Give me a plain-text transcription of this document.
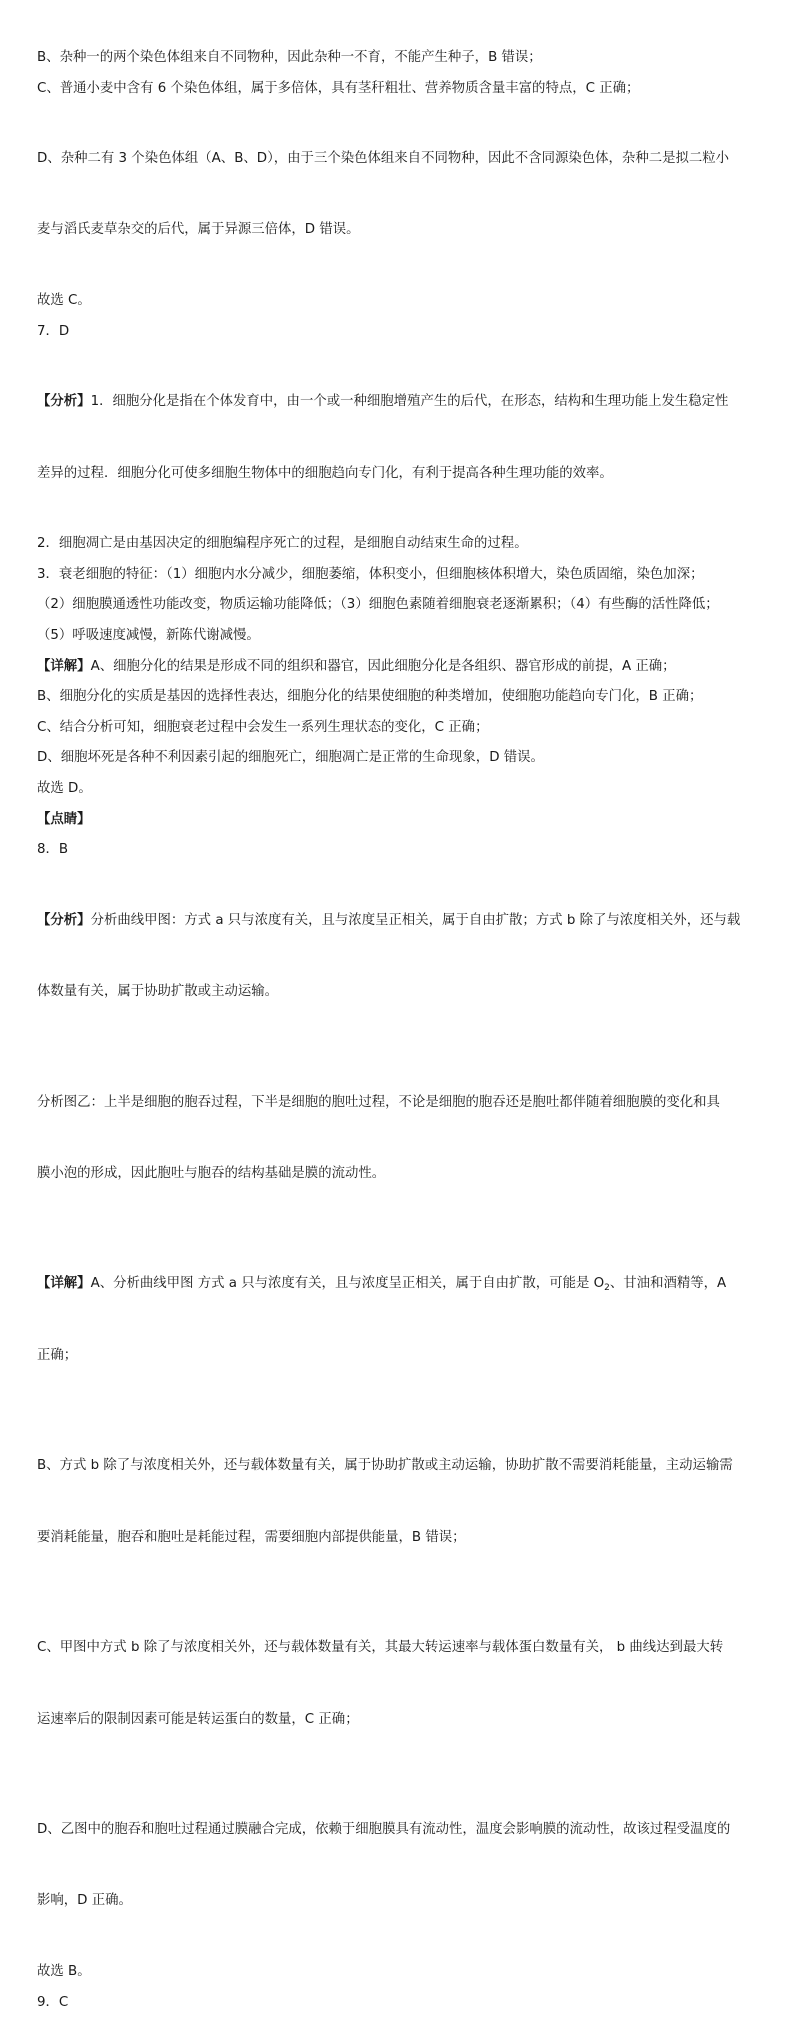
B、杂种一的两个染色体组来自不同物种，因此杂种一不育，不能产生种子，B 错误；
C、普通小麦中含有 6 个染色体组，属于多倍体，具有茎秆粗壮、营养物质含量丰富的特点，C 正确；

D、杂种二有 3 个染色体组（A、B、D），由于三个染色体组来自不同物种，因此不含同源染色体，杂种二是拟二粒小

麦与滔氏麦草杂交的后代，属于异源三倍体，D 错误。

故选 C。
7．D

【分析】1．细胞分化是指在个体发育中，由一个或一种细胞增殖产生的后代，在形态，结构和生理功能上发生稳定性

差异的过程．细胞分化可使多细胞生物体中的细胞趋向专门化，有利于提高各种生理功能的效率。

2．细胞凋亡是由基因决定的细胞编程序死亡的过程，是细胞自动结束生命的过程。
3．衰老细胞的特征：（1）细胞内水分减少，细胞萎缩，体积变小，但细胞核体积增大，染色质固缩，染色加深；
（2）细胞膜通透性功能改变，物质运输功能降低；（3）细胞色素随着细胞衰老逐渐累积；（4）有些酶的活性降低；
（5）呼吸速度减慢，新陈代谢减慢。
【详解】A、细胞分化的结果是形成不同的组织和器官，因此细胞分化是各组织、器官形成的前提，A 正确；
B、细胞分化的实质是基因的选择性表达，细胞分化的结果使细胞的种类增加，使细胞功能趋向专门化，B 正确；
C、结合分析可知，细胞衰老过程中会发生一系列生理状态的变化，C 正确；
D、细胞坏死是各种不利因素引起的细胞死亡，细胞凋亡是正常的生命现象，D 错误。
故选 D。
【点睛】
8．B

【分析】分析曲线甲图：方式 a 只与浓度有关，且与浓度呈正相关，属于自由扩散；方式 b 除了与浓度相关外，还与载

体数量有关，属于协助扩散或主动运输。

分析图乙：上半是细胞的胞吞过程，下半是细胞的胞吐过程，不论是细胞的胞吞还是胞吐都伴随着细胞膜的变化和具

膜小泡的形成，因此胞吐与胞吞的结构基础是膜的流动性。

【详解】A、分析曲线甲图 方式 a 只与浓度有关，且与浓度呈正相关，属于自由扩散，可能是 $O_2$、甘油和酒精等，A

正确；

B、方式 b 除了与浓度相关外，还与载体数量有关，属于协助扩散或主动运输，协助扩散不需要消耗能量，主动运输需

要消耗能量，胞吞和胞吐是耗能过程，需要细胞内部提供能量，B 错误；

C、甲图中方式 b 除了与浓度相关外，还与载体数量有关，其最大转运速率与载体蛋白数量有关， b 曲线达到最大转

运速率后的限制因素可能是转运蛋白的数量，C 正确；

D、乙图中的胞吞和胞吐过程通过膜融合完成，依赖于细胞膜具有流动性，温度会影响膜的流动性，故该过程受温度的

影响，D 正确。

故选 B。
9．C
